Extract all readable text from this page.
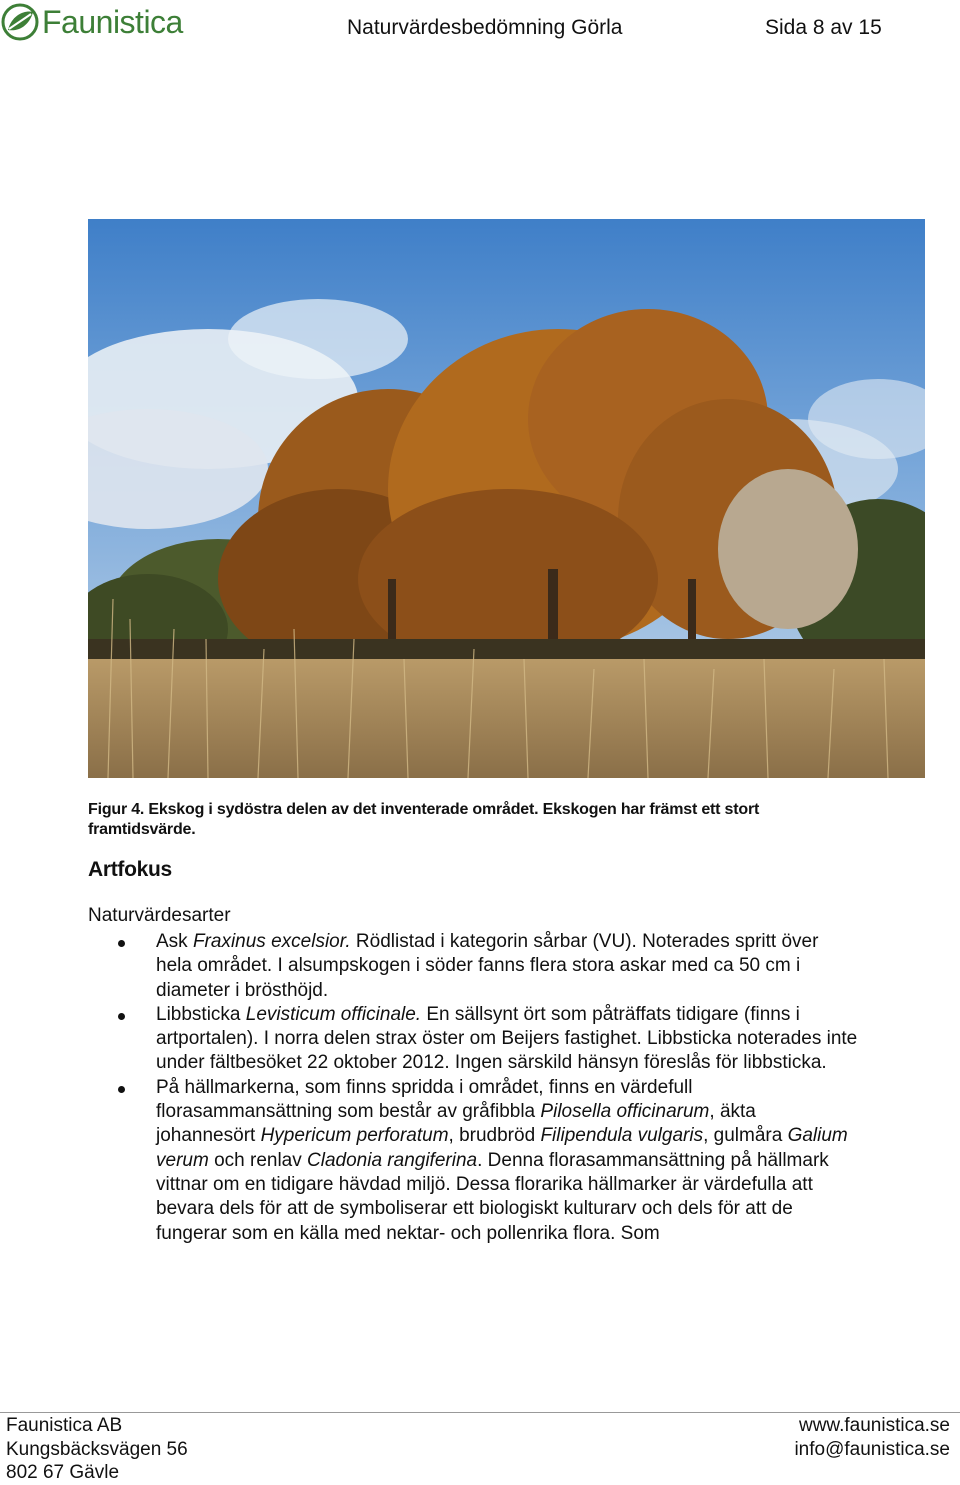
Faunistica	Naturvärdesbedömning Görla	Sida 8 av 15
Figur 4. Ekskog i sydöstra delen av det inventerade området. Ekskogen har främst ett stort
framtidsvärde.
Artfokus
Naturvärdesarter

Ask Fraxinus excelsior. Rödlistad i kategorin sårbar (VU). Noterades spritt över hela området. I alsumpskogen i söder fanns flera stora askar med ca 50 cm i diameter i brösthöjd.

Libbsticka Levisticum officinale. En sällsynt ört som påträffats tidigare (finns i artportalen). I norra delen strax öster om Beijers fastighet. Libbsticka noterades inte under fältbesöket 22 oktober 2012. Ingen särskild hänsyn föreslås för libbsticka.

På hällmarkerna, som finns spridda i området, finns en värdefull florasammansättning som består av gråfibbla Pilosella officinarum, äkta johannesört Hypericum perforatum, brudbröd Filipendula vulgaris, gulmåra Galium verum och renlav Cladonia rangiferina. Denna florasammansättning på hällmark vittnar om en tidigare hävdad miljö. Dessa florarika hällmarker är värdefulla att bevara dels för att de symboliserar ett biologiskt kulturarv och dels för att de fungerar som en källa med nektar- och pollenrika flora. Som

Faunistica AB
Kungsbäcksvägen 56
802 67 Gävle
www.faunistica.se
info@faunistica.se
